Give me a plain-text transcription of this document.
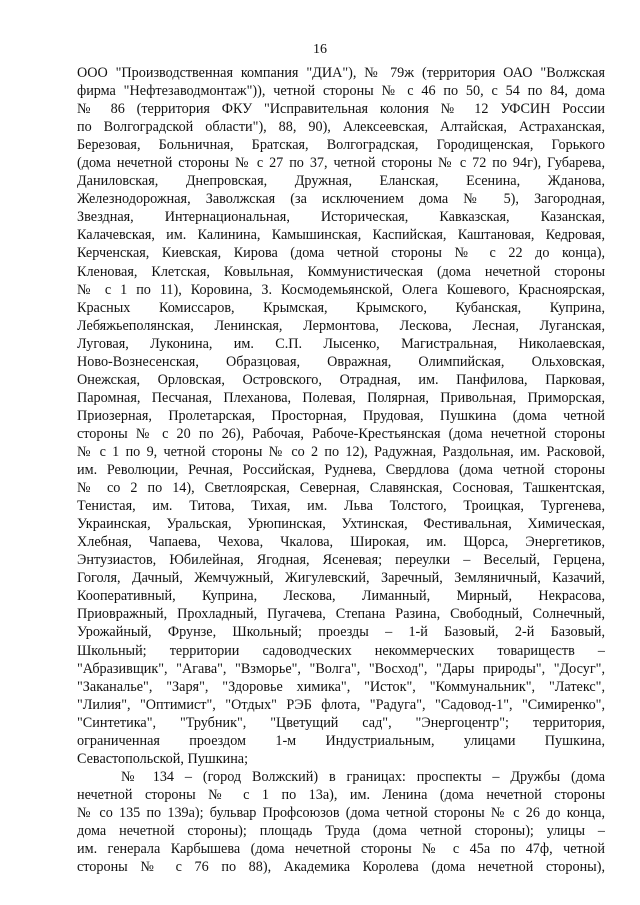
16
ООО "Производственная компания "ДИА"), № 79ж (территория ОАО "Волжская
фирма "Нефтезаводмонтаж")), четной стороны № с 46 по 50, с 54 по 84, дома
№ 86 (территория ФКУ "Исправительная колония № 12 УФСИН России
по Волгоградской области"), 88, 90), Алексеевская, Алтайская, Астраханская,
Березовая, Больничная, Братская, Волгоградская, Городищенская, Горького
(дома нечетной стороны № с 27 по 37, четной стороны № с 72 по 94г), Губарева,
Даниловская, Днепровская, Дружная, Еланская, Есенина, Жданова,
Железнодорожная, Заволжская (за исключением дома № 5), Загородная,
Звездная, Интернациональная, Историческая, Кавказская, Казанская,
Калачевская, им. Калинина, Камышинская, Каспийская, Каштановая, Кедровая,
Керченская, Киевская, Кирова (дома четной стороны № с 22 до конца),
Кленовая, Клетская, Ковыльная, Коммунистическая (дома нечетной стороны
№ с 1 по 11), Коровина, З. Космодемьянской, Олега Кошевого, Красноярская,
Красных Комиссаров, Крымская, Крымского, Кубанская, Куприна,
Лебяжьеполянская, Ленинская, Лермонтова, Лескова, Лесная, Луганская,
Луговая, Луконина, им. С.П. Лысенко, Магистральная, Николаевская,
Ново-Вознесенская, Образцовая, Овражная, Олимпийская, Ольховская,
Онежская, Орловская, Островского, Отрадная, им. Панфилова, Парковая,
Паромная, Песчаная, Плеханова, Полевая, Полярная, Привольная, Приморская,
Приозерная, Пролетарская, Просторная, Прудовая, Пушкина (дома четной
стороны № с 20 по 26), Рабочая, Рабоче-Крестьянская (дома нечетной стороны
№ с 1 по 9, четной стороны № со 2 по 12), Радужная, Раздольная, им. Расковой,
им. Революции, Речная, Российская, Руднева, Свердлова (дома четной стороны
№ со 2 по 14), Светлоярская, Северная, Славянская, Сосновая, Ташкентская,
Тенистая, им. Титова, Тихая, им. Льва Толстого, Троицкая, Тургенева,
Украинская, Уральская, Урюпинская, Ухтинская, Фестивальная, Химическая,
Хлебная, Чапаева, Чехова, Чкалова, Широкая, им. Щорса, Энергетиков,
Энтузиастов, Юбилейная, Ягодная, Ясеневая; переулки – Веселый, Герцена,
Гоголя, Дачный, Жемчужный, Жигулевский, Заречный, Земляничный, Казачий,
Кооперативный, Куприна, Лескова, Лиманный, Мирный, Некрасова,
Приовражный, Прохладный, Пугачева, Степана Разина, Свободный, Солнечный,
Урожайный, Фрунзе, Школьный; проезды – 1-й Базовый, 2-й Базовый,
Школьный; территории садоводческих некоммерческих товариществ –
"Абразивщик", "Агава", "Взморье", "Волга", "Восход", "Дары природы", "Досуг",
"Заканалье", "Заря", "Здоровье химика", "Исток", "Коммунальник", "Латекс",
"Лилия", "Оптимист", "Отдых" РЭБ флота, "Радуга", "Садовод-1", "Симиренко",
"Синтетика", "Трубник", "Цветущий сад", "Энергоцентр"; территория,
ограниченная проездом 1-м Индустриальным, улицами Пушкина,
Севастопольской, Пушкина;
№ 134 – (город Волжский) в границах: проспекты – Дружбы (дома
нечетной стороны № с 1 по 13а), им. Ленина (дома нечетной стороны
№ со 135 по 139а); бульвар Профсоюзов (дома четной стороны № с 26 до конца,
дома нечетной стороны); площадь Труда (дома четной стороны); улицы –
им. генерала Карбышева (дома нечетной стороны № с 45а по 47ф, четной
стороны № с 76 по 88), Академика Королева (дома нечетной стороны),
